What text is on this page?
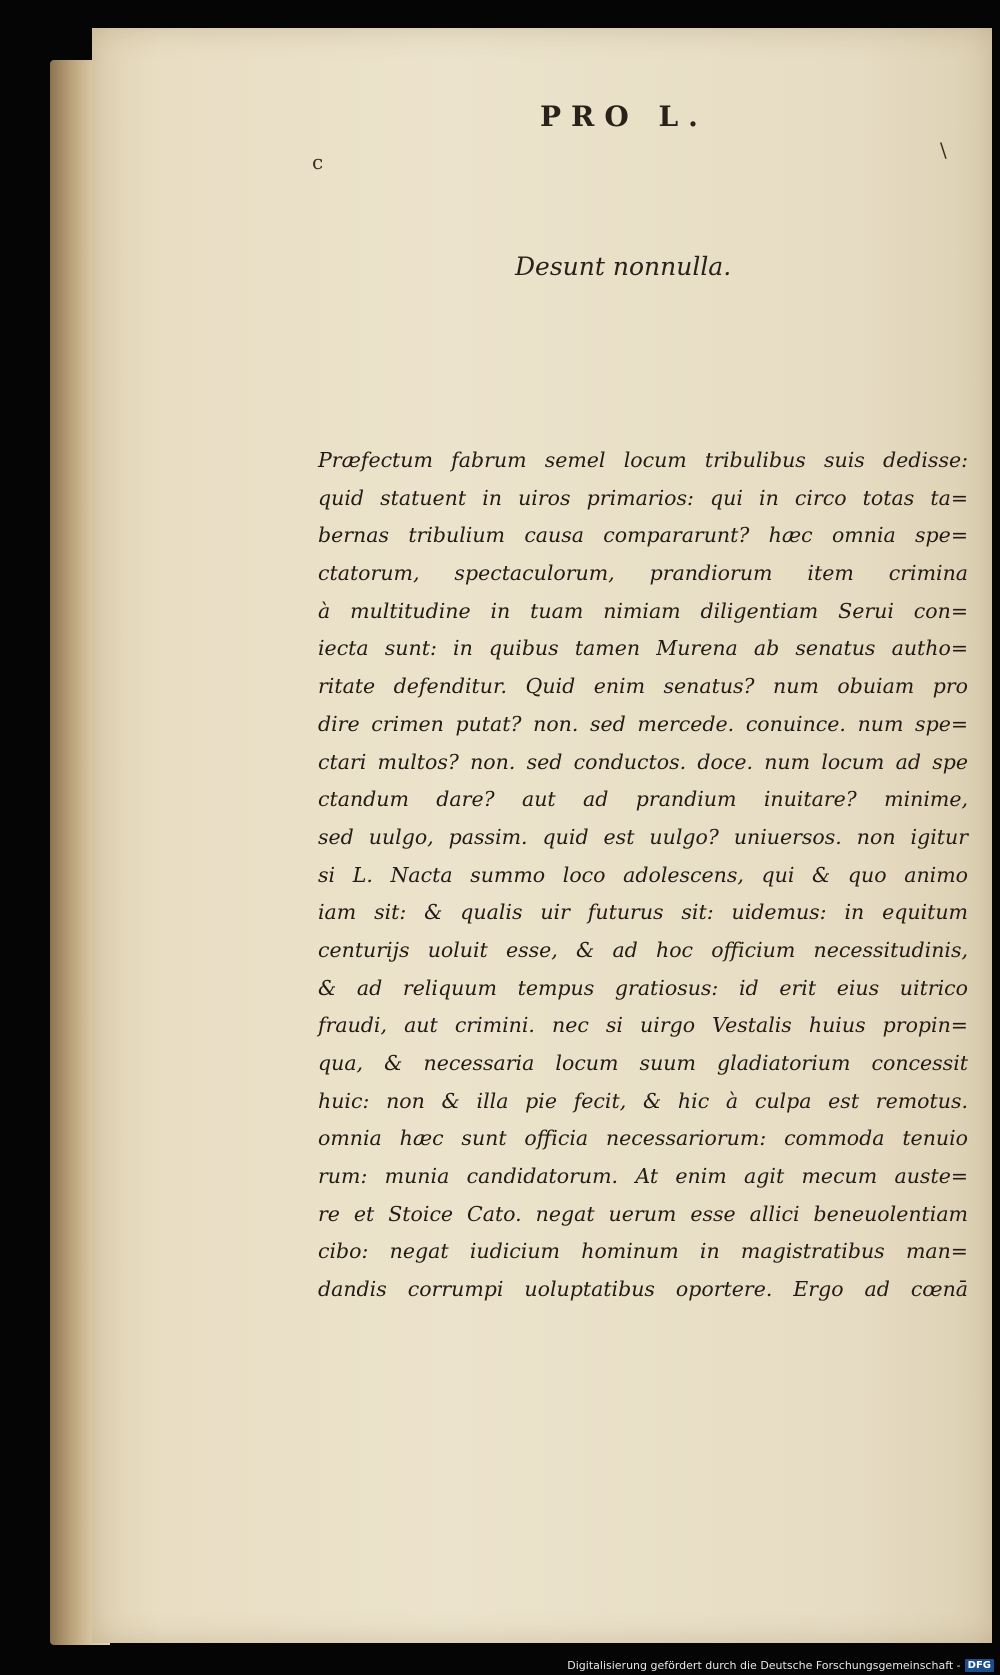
PRO L.
c	\
Desunt nonnulla.
Præfectum fabrum semel locum tribulibus suis dedisse:
quid statuent in uiros primarios: qui in circo totas ta=
bernas tribulium causa compararunt? hæc omnia spe=
ctatorum, spectaculorum, prandiorum item crimina
à multitudine in tuam nimiam diligentiam Serui con=
iecta sunt: in quibus tamen Murena ab senatus autho=
ritate defenditur. Quid enim senatus? num obuiam pro
dire crimen putat? non. sed mercede. conuince. num spe=
ctari multos? non. sed conductos. doce. num locum ad spe
ctandum dare? aut ad prandium inuitare? minime,
sed uulgo, passim. quid est uulgo? uniuersos. non igitur
si L. Nacta summo loco adolescens, qui & quo animo
iam sit: & qualis uir futurus sit: uidemus: in equitum
centurijs uoluit esse, & ad hoc officium necessitudinis,
& ad reliquum tempus gratiosus: id erit eius uitrico
fraudi, aut crimini. nec si uirgo Vestalis huius propin=
qua, & necessaria locum suum gladiatorium concessit
huic: non & illa pie fecit, & hic à culpa est remotus.
omnia hæc sunt officia necessariorum: commoda tenuio
rum: munia candidatorum. At enim agit mecum auste=
re et Stoice Cato. negat uerum esse allici beneuolentiam
cibo: negat iudicium hominum in magistratibus man=
dandis corrumpi uoluptatibus oportere. Ergo ad cœnā
Digitalisierung gefördert durch die Deutsche Forschungsgemeinschaft - DFG
